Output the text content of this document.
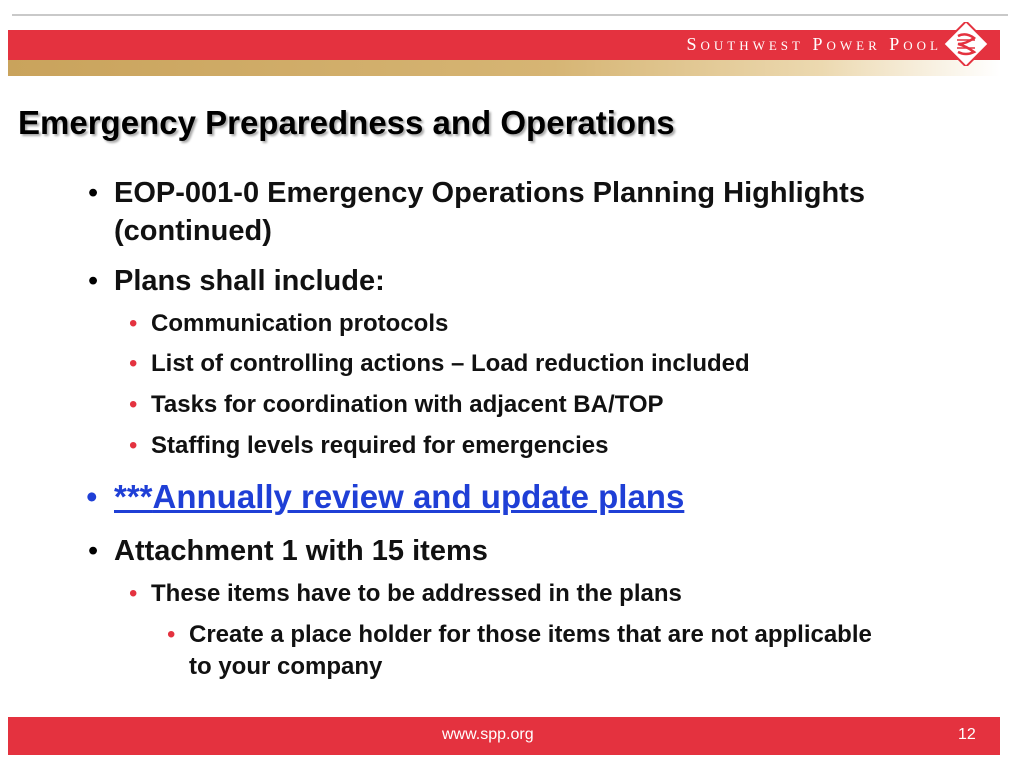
Southwest Power Pool
Emergency Preparedness and Operations
• EOP-001-0 Emergency Operations Planning Highlights (continued)
• Plans shall include:
• Communication protocols
• List of controlling actions – Load reduction included
• Tasks for coordination with adjacent BA/TOP
• Staffing levels required for emergencies
• ***Annually review and update plans
• Attachment 1 with 15 items
• These items have to be addressed in the plans
• Create a place holder for those items that are not applicable to your company
www.spp.org	12
